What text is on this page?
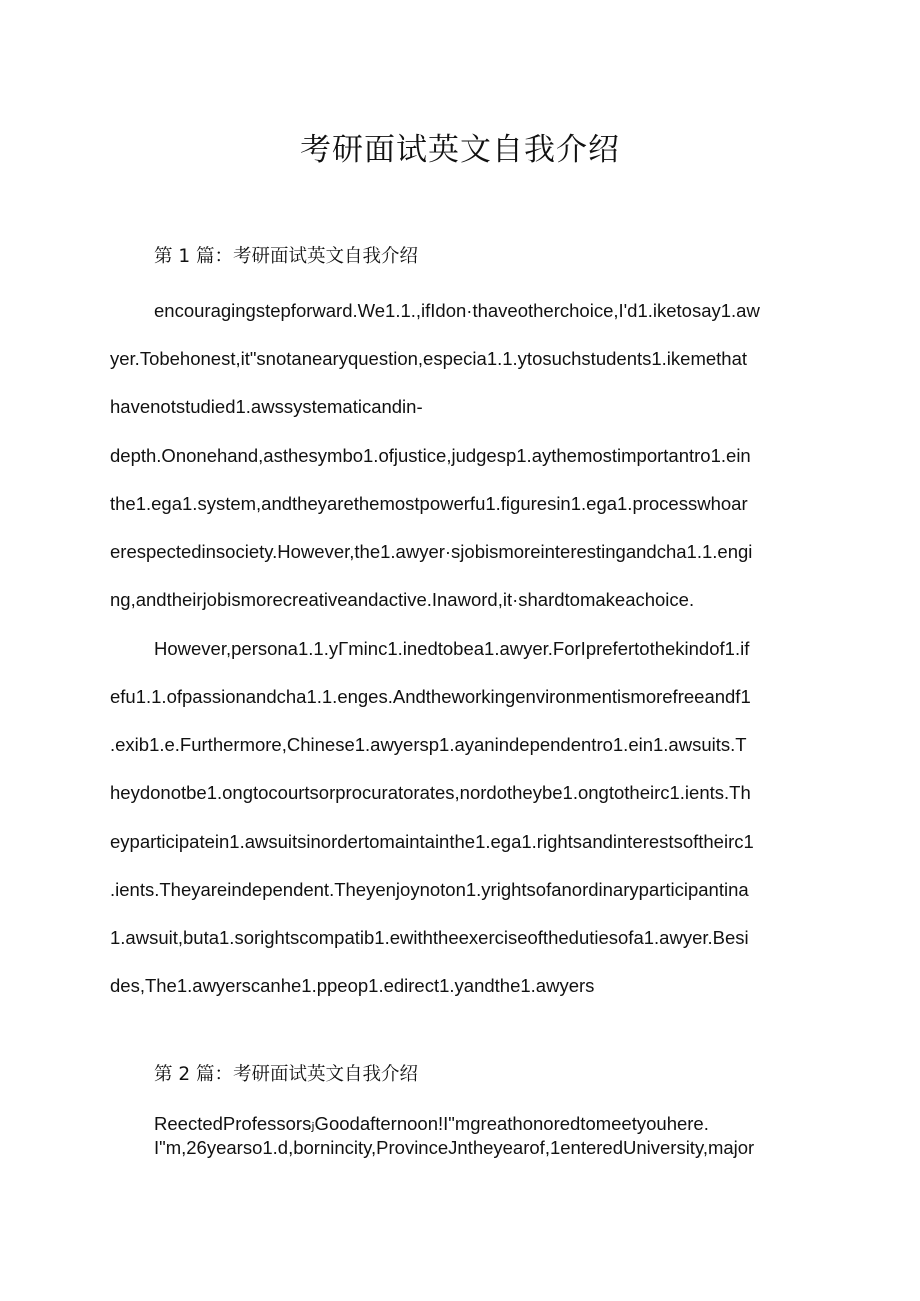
考研面试英文自我介绍
第 1 篇：考研面试英文自我介绍
encouragingstepforward.We1.1.,ifIdon·thaveotherchoice,I'd1.iketosay1.aw
yer.Tobehonest,it"snotanearyquestion,especia1.1.ytosuchstudents1.ikemethat
havenotstudied1.awssystematicandin-
depth.Ononehand,asthesymbo1.ofjustice,judgesp1.aythemostimportantro1.ein
the1.ega1.system,andtheyarethemostpowerfu1.figuresin1.ega1.processwhoar
erespectedinsociety.However,the1.awyer·sjobismoreinterestingandcha1.1.engi
ng,andtheirjobismorecreativeandactive.Inaword,it·shardtomakeachoice.
However,persona1.1.yΓminc1.inedtobea1.awyer.ForIprefertothekindof1.if
efu1.1.ofpassionandcha1.1.enges.Andtheworkingenvironmentismorefreeandf1
.exib1.e.Furthermore,Chinese1.awyersp1.ayanindependentro1.ein1.awsuits.T
heydonotbe1.ongtocourtsorprocuratorates,nordotheybe1.ongtotheirc1.ients.Th
eyparticipatein1.awsuitsinordertomaintainthe1.ega1.rightsandinterestsoftheirc1
.ients.Theyareindependent.Theyenjoynoton1.yrightsofanordinaryparticipantina
1.awsuit,buta1.sorightscompatib1.ewiththeexerciseofthedutiesofa1.awyer.Besi
des,The1.awyerscanhe1.ppeop1.edirect1.yandthe1.awyers
第 2 篇：考研面试英文自我介绍
ReectedProfessorsⱼGoodafternoon!I"mgreathonoredtomeetyouhere.
I"m,26yearso1.d,bornincity,ProvinceJntheyearof,1enteredUniversity,major
